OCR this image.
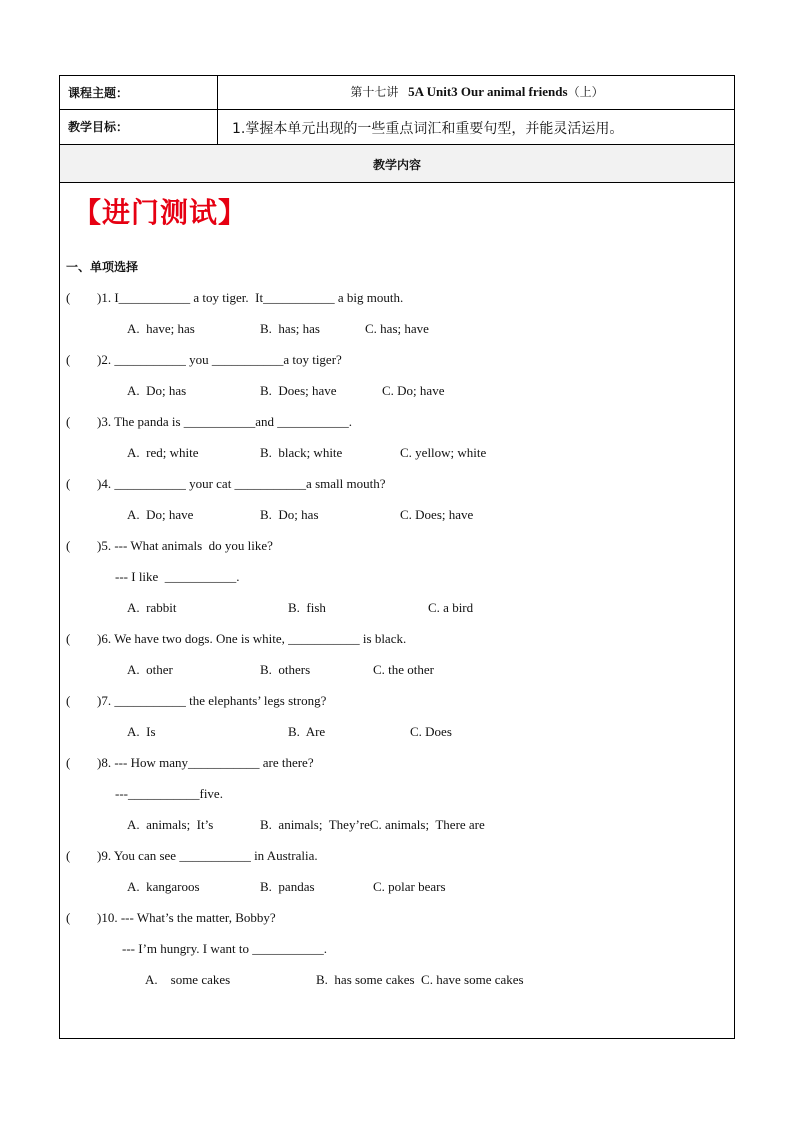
课程主题：	第十七讲 5A Unit3 Our animal friends（上）
教学目标：	1.掌握本单元出现的一些重点词汇和重要句型，并能灵活运用。
教学内容
【进门测试】
一、单项选择
( )1. I___________ a toy tiger.  It___________ a big mouth.
A.  have; has	B.  has; has	C. has; have
( )2. ___________ you ___________a toy tiger?
A.  Do; has	B.  Does; have	C. Do; have
( )3. The panda is ___________and ___________.
A.  red; white	B.  black; white	C. yellow; white
( )4. ___________ your cat ___________a small mouth?
A.  Do; have	B.  Do; has	C. Does; have
( )5. --- What animals  do you like?
--- I like  ___________.
A.  rabbit	B.  fish	C. a bird
( )6. We have two dogs. One is white, ___________ is black.
A.  other	B.  others	C. the other
( )7. ___________ the elephants’ legs strong?
A.  Is	B.  Are	C. Does
( )8. --- How many___________ are there?
---___________five.
A.  animals;  It’s	B.  animals;  They’reC. animals;  There are
( )9. You can see ___________ in Australia.
A.  kangaroos	B.  pandas	C. polar bears
( )10. --- What’s the matter, Bobby?
--- I’m hungry. I want to ___________.
A.    some cakes	B.  has some cakes  C. have some cakes
